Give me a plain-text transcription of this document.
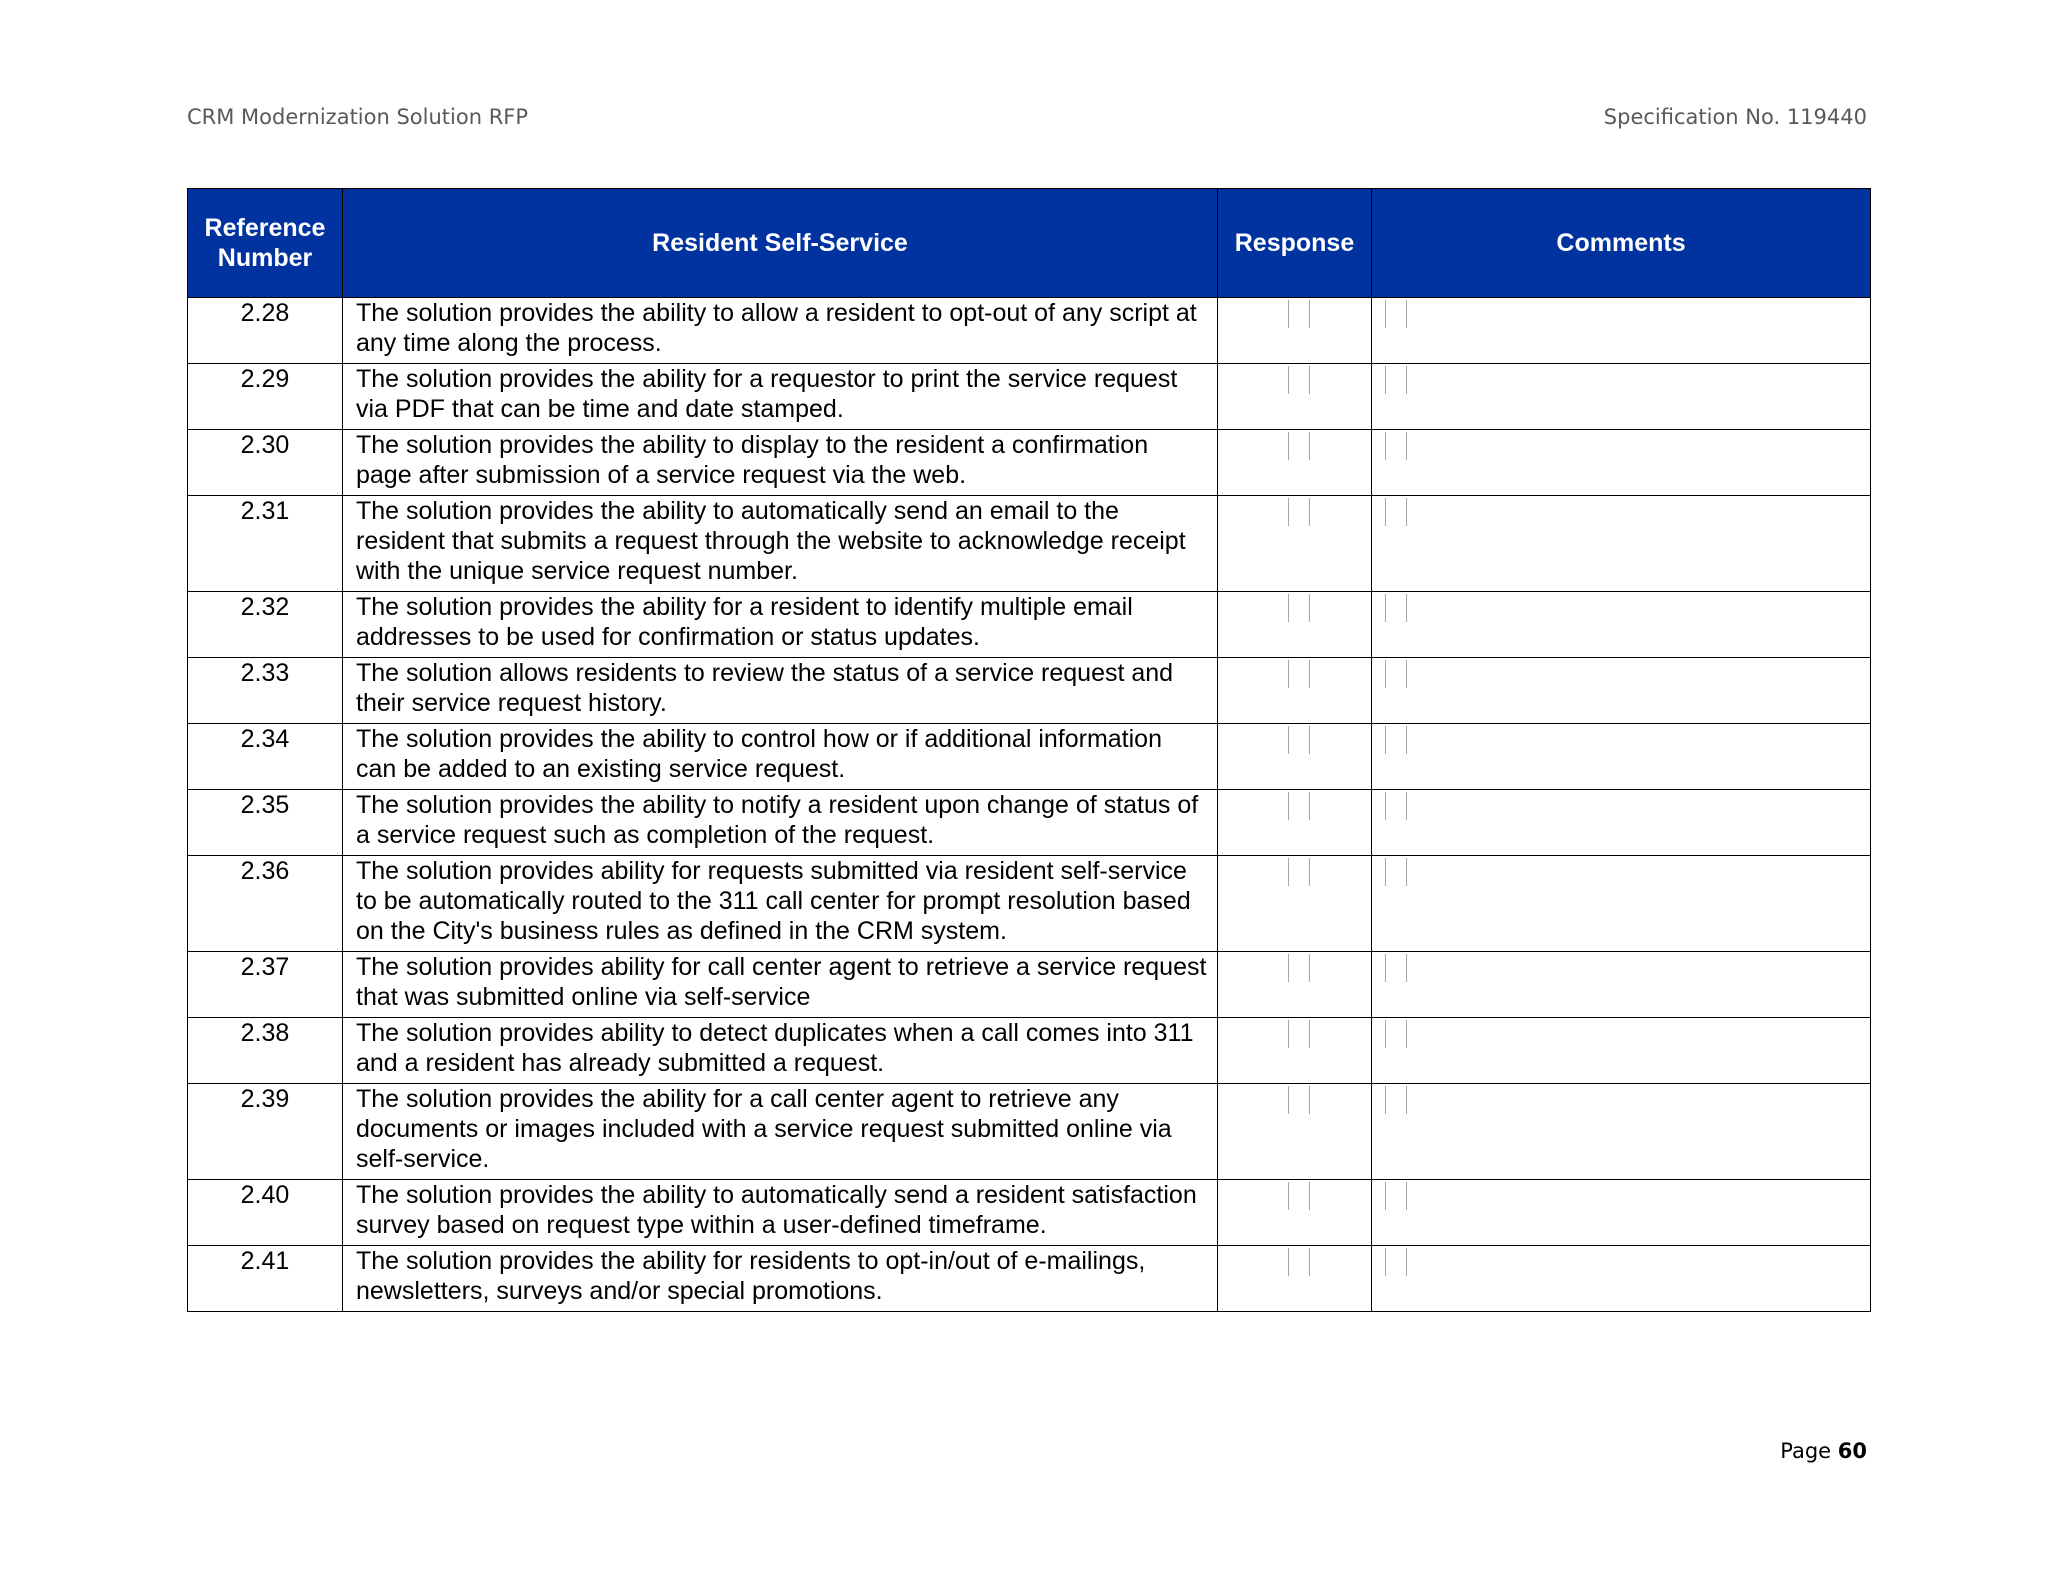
CRM Modernization Solution RFP	Specification No. 119440
Reference Number	Resident Self-Service	Response	Comments
2.28	The solution provides the ability to allow a resident to opt-out of any script at any time along the process.		
2.29	The solution provides the ability for a requestor to print the service request via PDF that can be time and date stamped.		
2.30	The solution provides the ability to display to the resident a confirmation page after submission of a service request via the web.		
2.31	The solution provides the ability to automatically send an email to the resident that submits a request through the website to acknowledge receipt with the unique service request number.		
2.32	The solution provides the ability for a resident to identify multiple email addresses to be used for confirmation or status updates.		
2.33	The solution allows residents to review the status of a service request and their service request history.		
2.34	The solution provides the ability to control how or if additional information can be added to an existing service request.		
2.35	The solution provides the ability to notify a resident upon change of status of a service request such as completion of the request.		
2.36	The solution provides ability for requests submitted via resident self-service to be automatically routed to the 311 call center for prompt resolution based on the City's business rules as defined in the CRM system.		
2.37	The solution provides ability for call center agent to retrieve a service request that was submitted online via self-service		
2.38	The solution provides ability to detect duplicates when a call comes into 311 and a resident has already submitted a request.		
2.39	The solution provides the ability for a call center agent to retrieve any documents or images included with a service request submitted online via self-service.		
2.40	The solution provides the ability to automatically send a resident satisfaction survey based on request type within a user-defined timeframe.		
2.41	The solution provides the ability for residents to opt-in/out of e-mailings, newsletters, surveys and/or special promotions.		
Page 60
